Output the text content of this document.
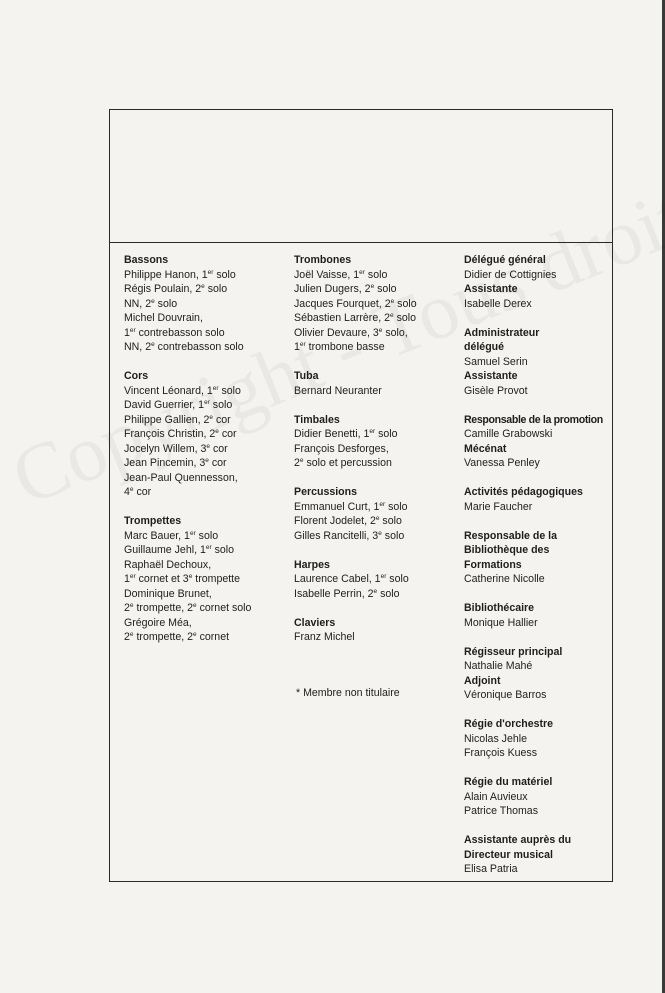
Bassons
Philippe Hanon, 1er solo
Régis Poulain, 2e solo
NN, 2e solo
Michel Douvrain,
1er contrebasson solo
NN, 2e contrebasson solo
Cors
Vincent Léonard, 1er solo
David Guerrier, 1er solo
Philippe Gallien, 2e cor
François Christin, 2e cor
Jocelyn Willem, 3e cor
Jean Pincemin, 3e cor
Jean-Paul Quennesson,
4e cor
Trompettes
Marc Bauer, 1er solo
Guillaume Jehl, 1er solo
Raphaël Dechoux,
1er cornet et 3e trompette
Dominique Brunet,
2e trompette, 2e cornet solo
Grégoire Méa,
2e trompette, 2e cornet
Trombones
Joël Vaisse, 1er solo
Julien Dugers, 2e solo
Jacques Fourquet, 2e solo
Sébastien Larrère, 2e solo
Olivier Devaure, 3e solo,
1er trombone basse
Tuba
Bernard Neuranter
Timbales
Didier Benetti, 1er solo
François Desforges,
2e solo et percussion
Percussions
Emmanuel Curt, 1er solo
Florent Jodelet, 2e solo
Gilles Rancitelli, 3e solo
Harpes
Laurence Cabel, 1er solo
Isabelle Perrin, 2e solo
Claviers
Franz Michel
Délégué général
Didier de Cottignies
Assistante
Isabelle Derex
Administrateur
délégué
Samuel Serin
Assistante
Gisèle Provot
Responsable de la promotion
Camille Grabowski
Mécénat
Vanessa Penley
Activités pédagogiques
Marie Faucher
Responsable de la
Bibliothèque des
Formations
Catherine Nicolle
Bibliothécaire
Monique Hallier
Régisseur principal
Nathalie Mahé
Adjoint
Véronique Barros
Régie d'orchestre
Nicolas Jehle
François Kuess
Régie du matériel
Alain Auvieux
Patrice Thomas
Assistante auprès du
Directeur musical
Elisa Patria
* Membre non titulaire
